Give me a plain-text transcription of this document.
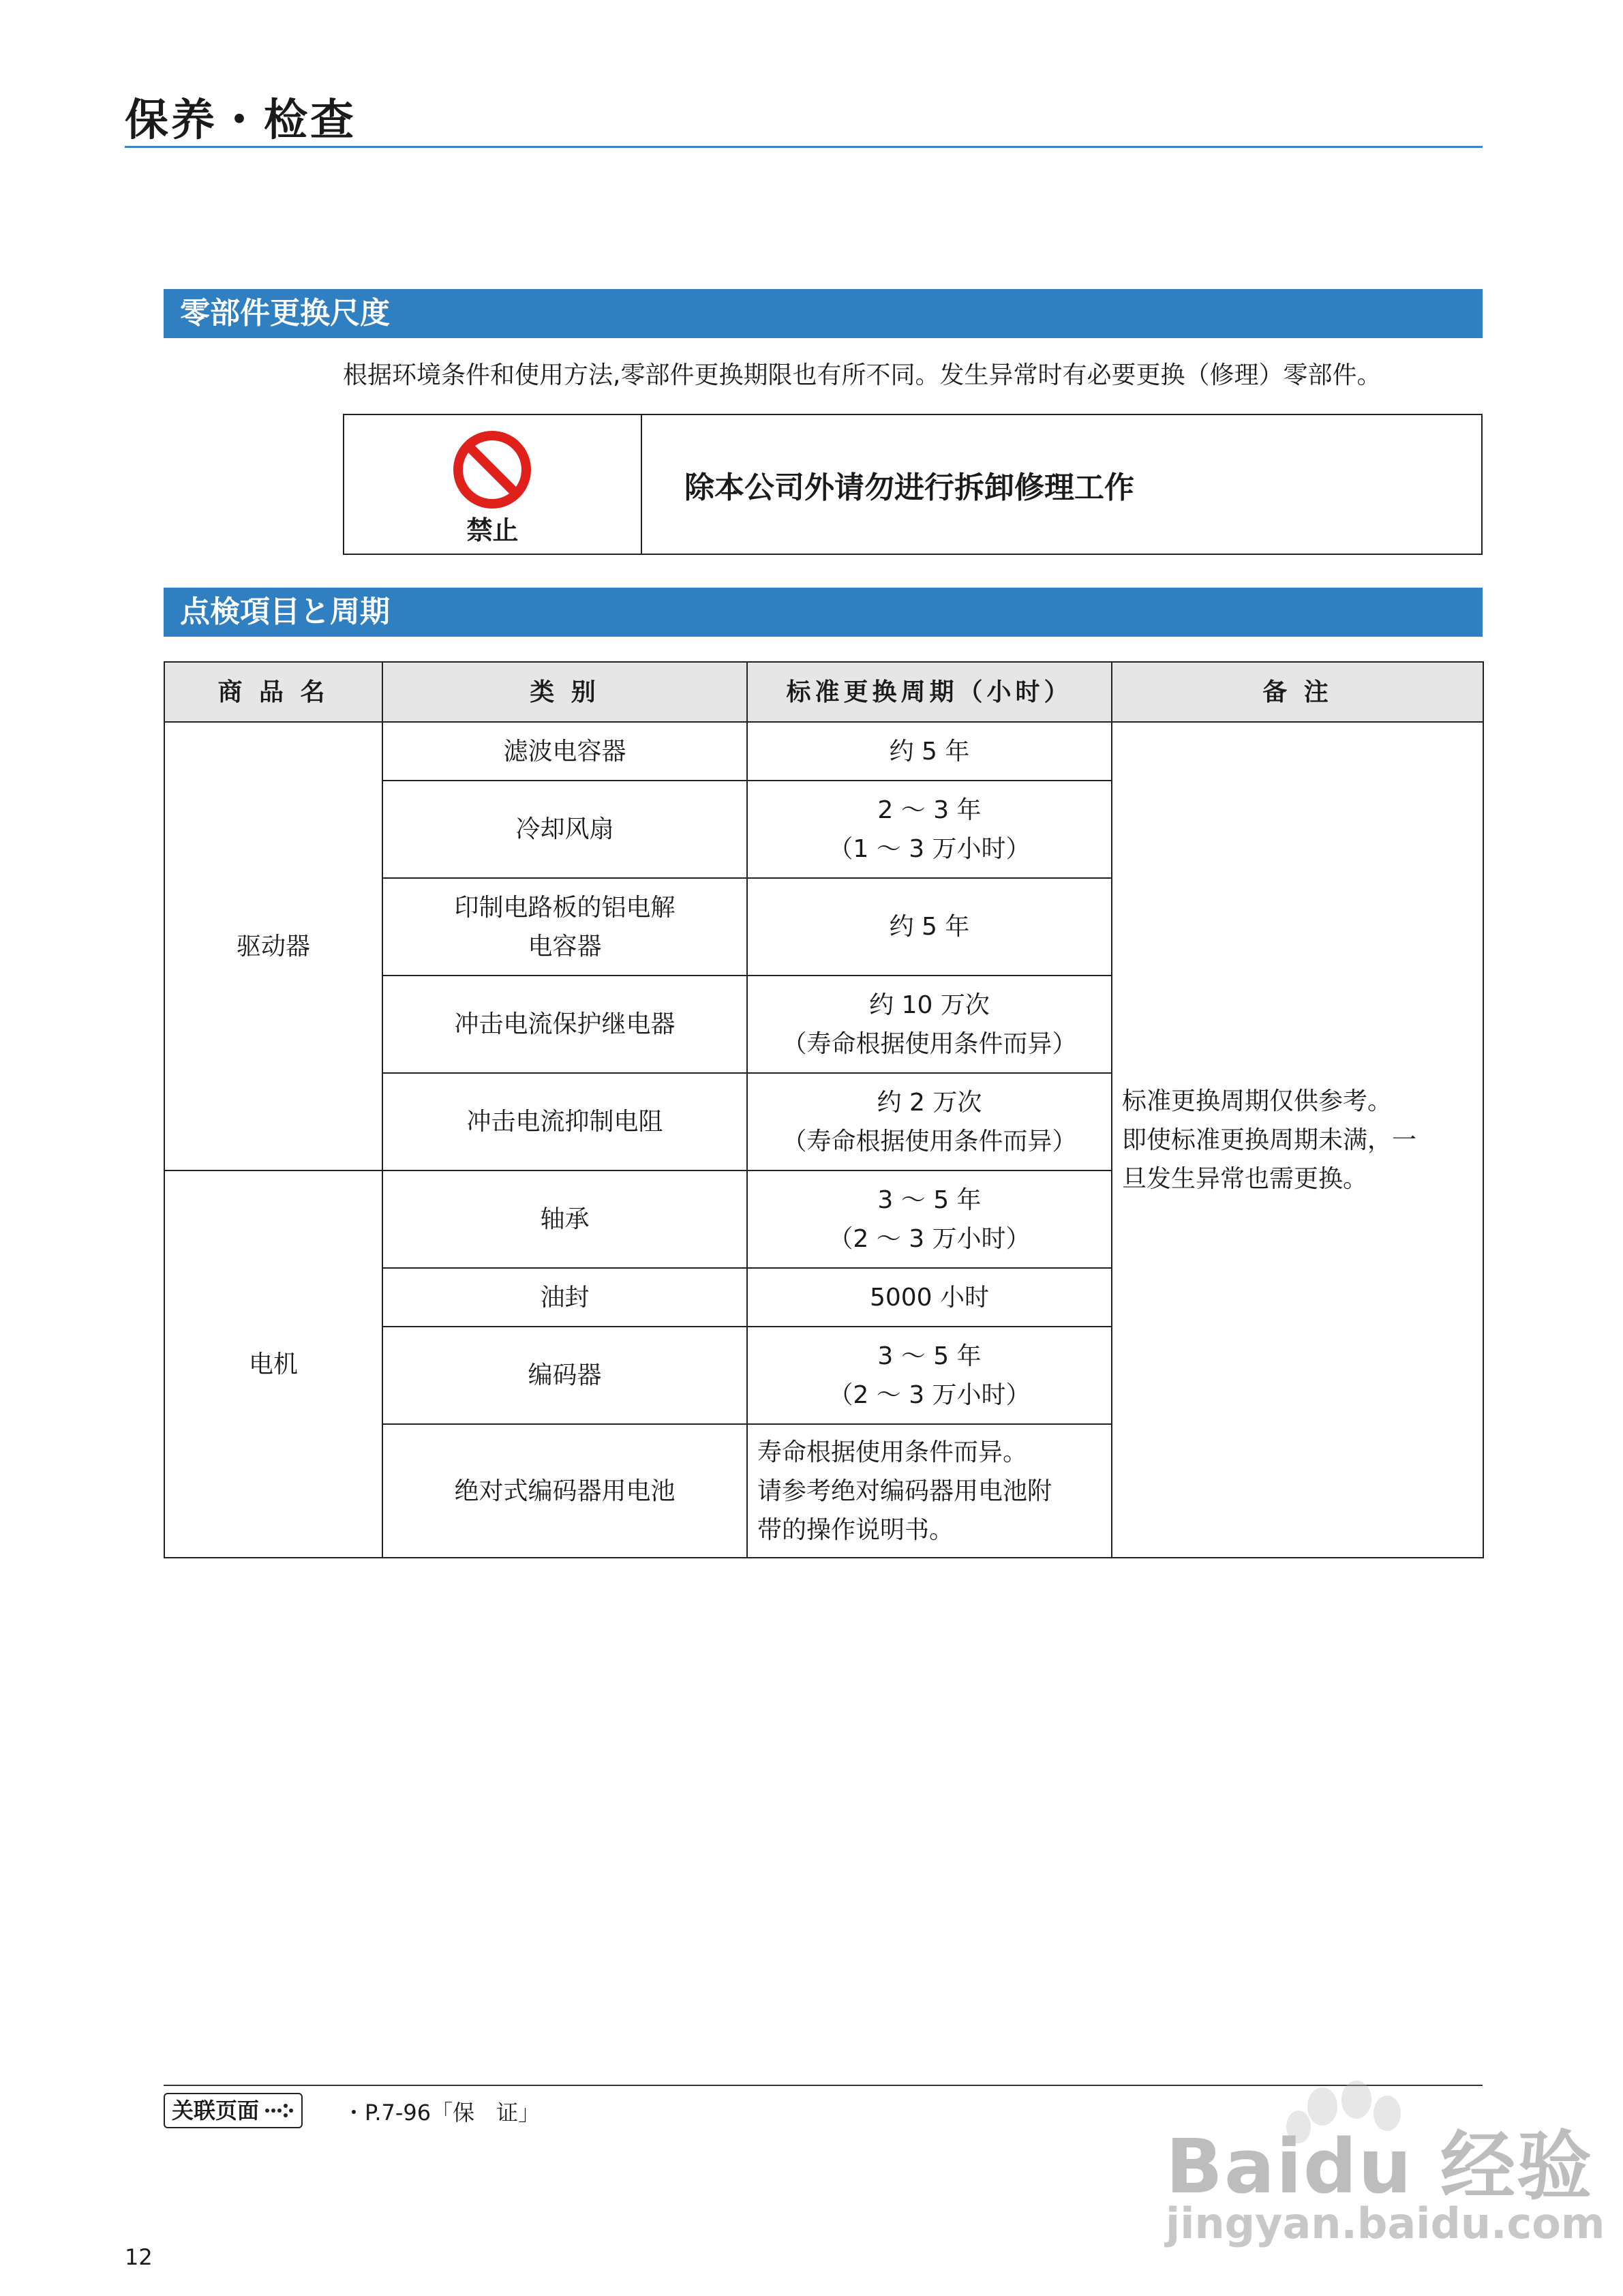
保养・检查
零部件更换尺度
根据环境条件和使用方法,零部件更换期限也有所不同。发生异常时有必要更换（修理）零部件。
禁止
除本公司外请勿进行拆卸修理工作
点検項目と周期
商 品 名	类 别	标准更换周期（小时）	备 注
驱动器	滤波电容器	约 5 年	标准更换周期仅供参考。
即使标准更换周期未满，一
旦发生异常也需更换。

	冷却风扇	2 ～ 3 年
（1 ～ 3 万小时）	

	印制电路板的铝电解
电容器	约 5 年	
	冲击电流保护继电器	约 10 万次
（寿命根据使用条件而异）	

	冲击电流抑制电阻	约 2 万次
（寿命根据使用条件而异）	

电机	轴承	3 ～ 5 年
（2 ～ 3 万小时）	

	油封	5000 小时	
	编码器	3 ～ 5 年
（2 ～ 3 万小时）	

	绝对式编码器用电池	寿命根据使用条件而异。
请参考绝对编码器用电池附
带的操作说明书。	
关联页面	・P.7-96「保　证」
12
Baidu 经验
jingyan.baidu.com
